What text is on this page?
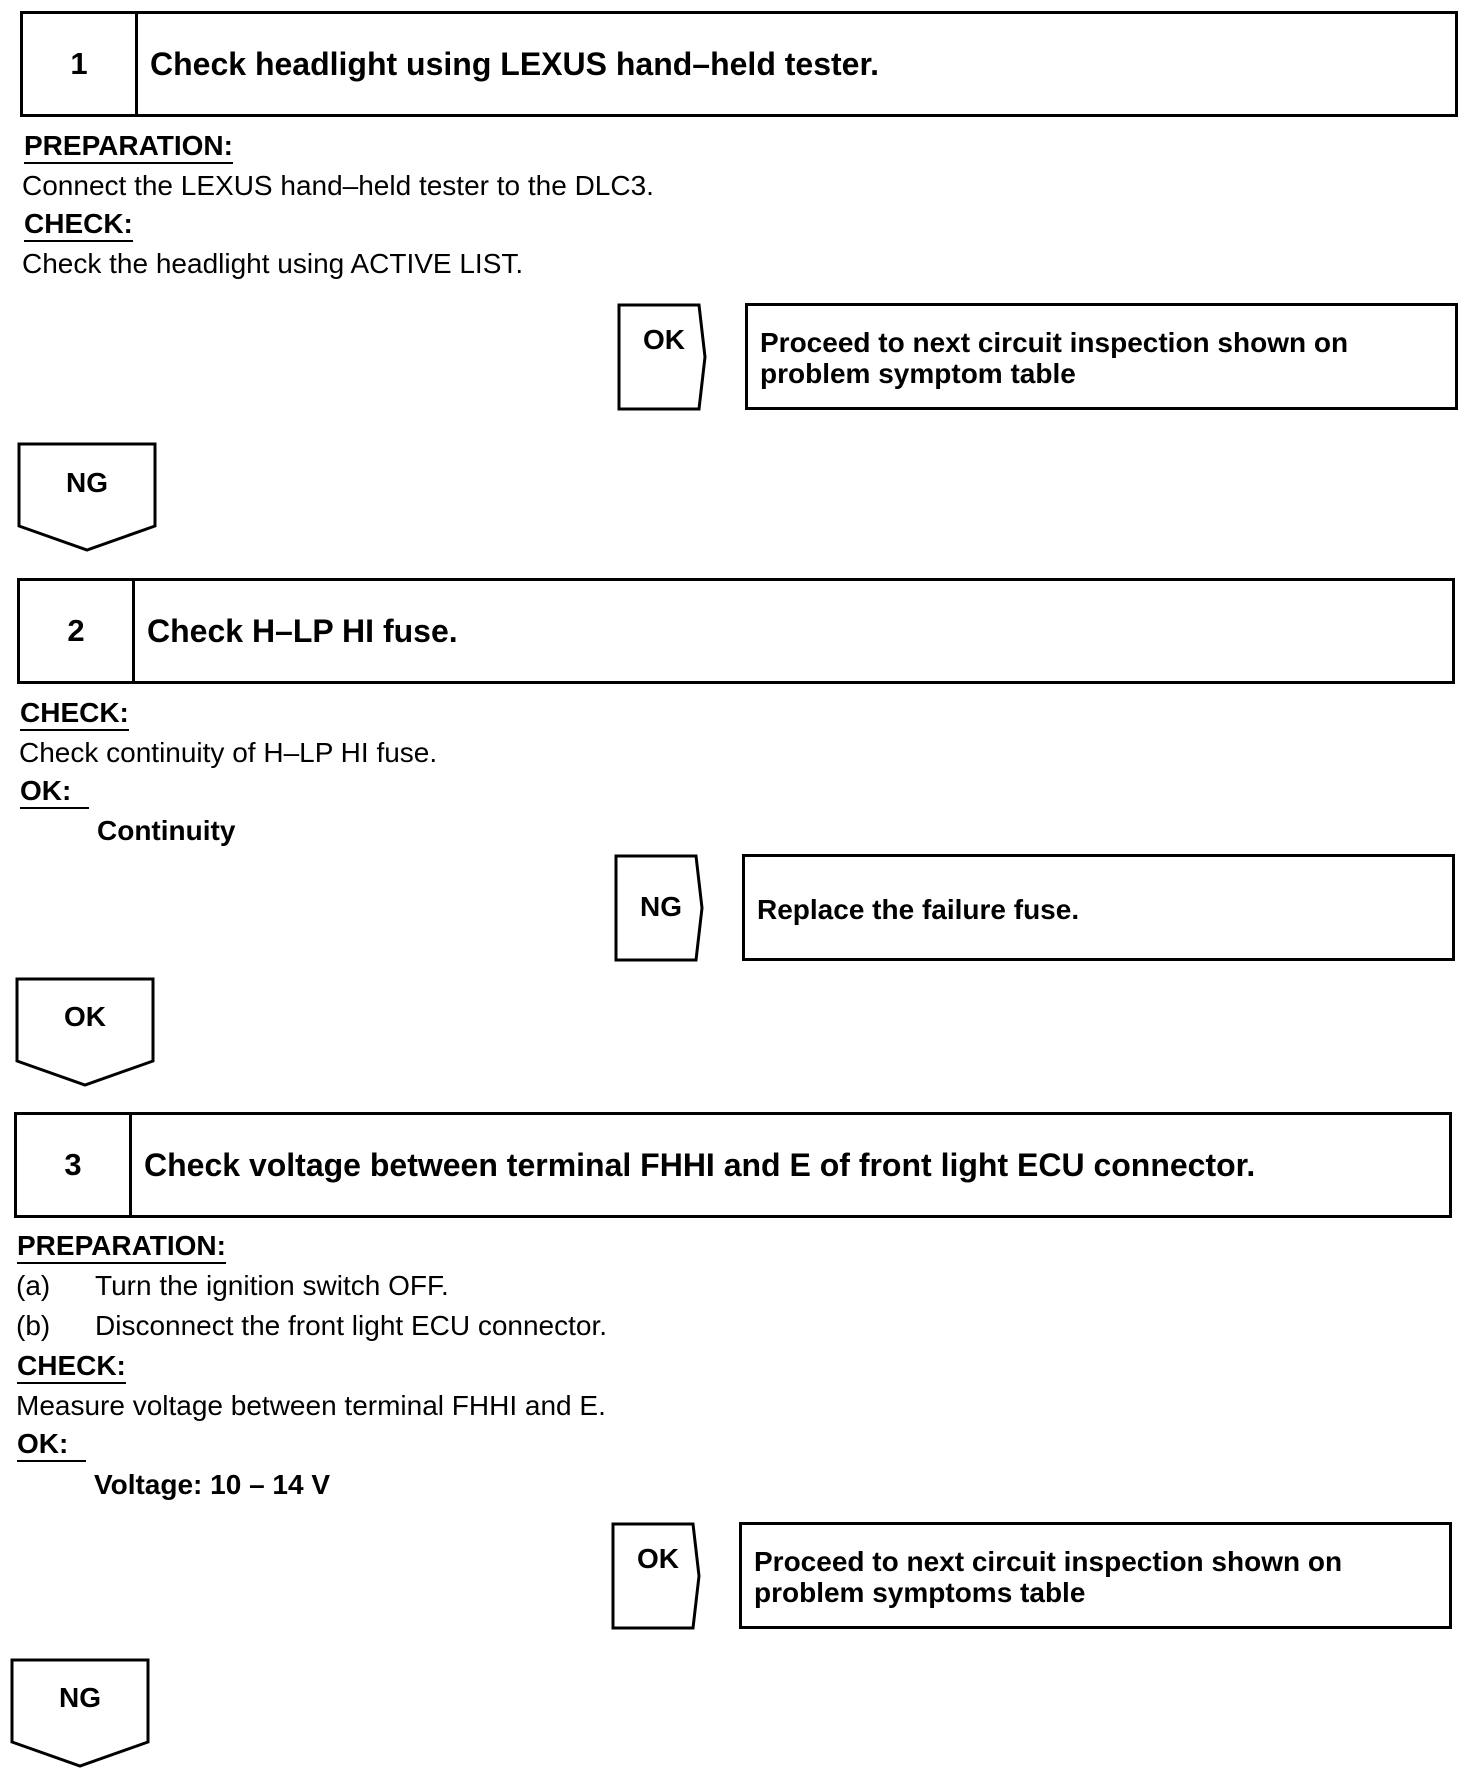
1	Check headlight using LEXUS hand–held tester.
PREPARATION:
Connect the LEXUS hand–held tester to the DLC3.
CHECK:
Check the headlight using ACTIVE LIST.
OK	Proceed to next circuit inspection shown on
problem symptom table
NG
2	Check H–LP HI fuse.
CHECK:
Check continuity of H–LP HI fuse.
OK:
Continuity
NG	Replace the failure fuse.
OK
3	Check voltage between terminal FHHI and E of front light ECU connector.
PREPARATION:
(a) Turn the ignition switch OFF.
(b) Disconnect the front light ECU connector.
CHECK:
Measure voltage between terminal FHHI and E.
OK:
Voltage: 10 – 14 V
OK	Proceed to next circuit inspection shown on
problem symptoms table
NG
